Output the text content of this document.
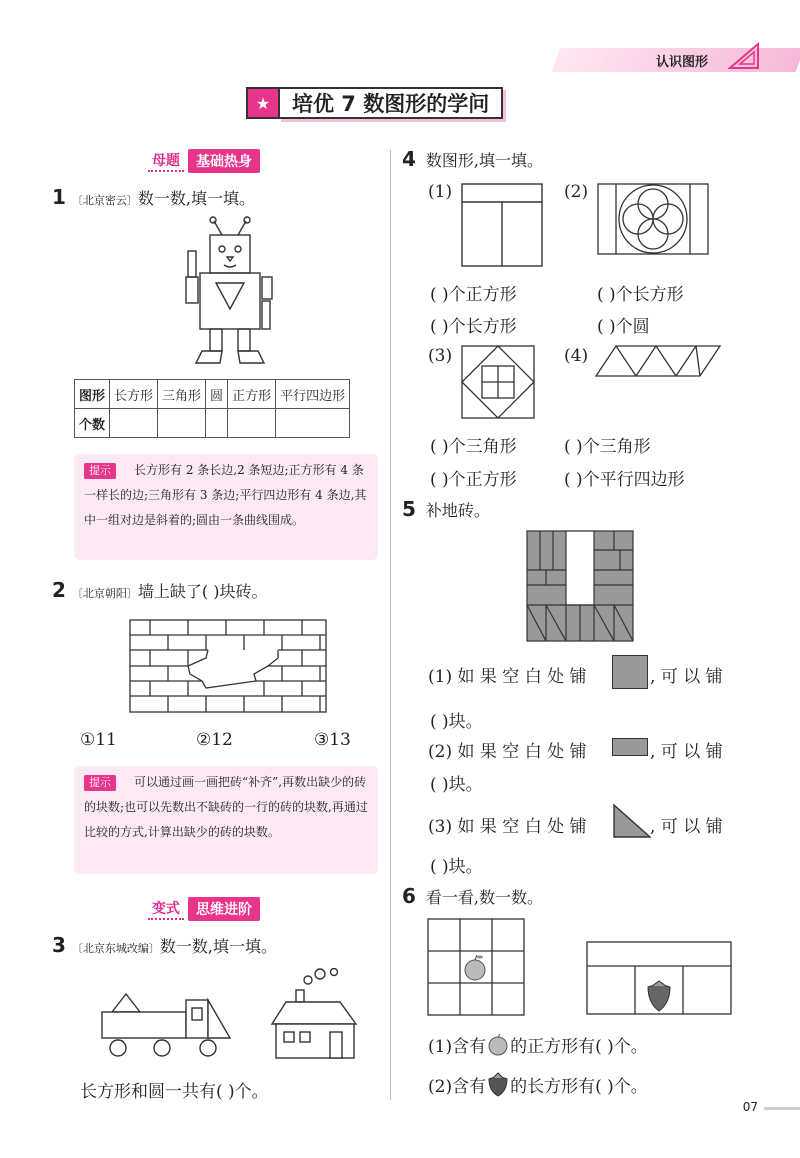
认识图形
★	培优 7 数图形的学问
母题	基础热身
1 〔北京密云〕 数一数,填一填。
图形	长方形	三角形	圆	正方形	平行四边形
个数					
提示 长方形有 2 条长边,2 条短边;正方形有 4 条一样长的边;三角形有 3 条边;平行四边形有 4 条边,其中一组对边是斜着的;圆由一条曲线围成。
2 〔北京朝阳〕 墙上缺了( )块砖。
①11	②12	③13
提示 可以通过画一画把砖“补齐”,再数出缺少的砖的块数;也可以先数出不缺砖的一行的砖的块数,再通过比较的方式,计算出缺少的砖的块数。
变式	思维进阶
3 〔北京东城改编〕 数一数,填一填。
长方形和圆一共有( )个。
4 数图形,填一填。
(1)	(2)
( )个正方形	( )个长方形
( )个长方形	( )个圆
(3)	(4)
( )个三角形	( )个三角形
( )个正方形	( )个平行四边形
5 补地砖。
(1) 如 果 空 白 处 铺	, 可 以 铺
( )块。
(2) 如 果 空 白 处 铺	, 可 以 铺
( )块。
(3) 如 果 空 白 处 铺	, 可 以 铺
( )块。
6 看一看,数一数。
(1)含有 的正方形有( )个。
(2)含有 的长方形有( )个。
07
